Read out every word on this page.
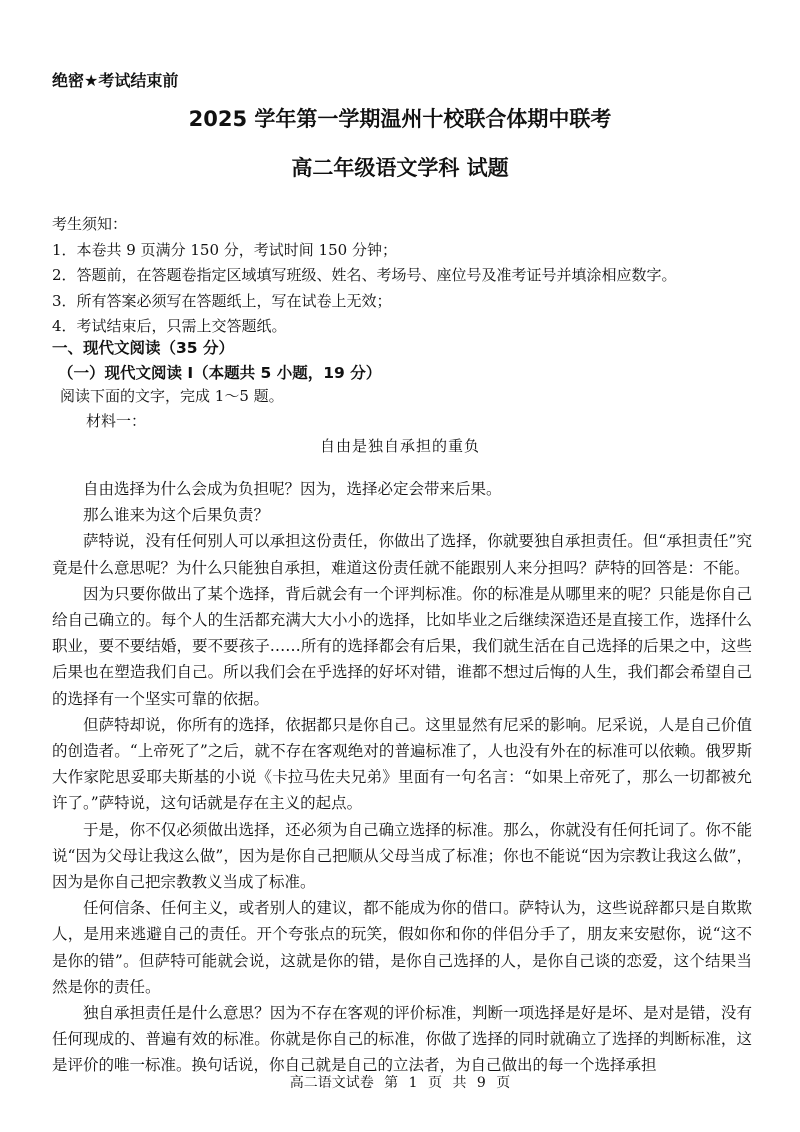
绝密★考试结束前
2025 学年第一学期温州十校联合体期中联考
高二年级语文学科 试题
考生须知：
1．本卷共 9 页满分 150 分，考试时间 150 分钟；
2．答题前，在答题卷指定区域填写班级、姓名、考场号、座位号及准考证号并填涂相应数字。
3．所有答案必须写在答题纸上，写在试卷上无效；
4．考试结束后，只需上交答题纸。
一、现代文阅读（35 分）
（一）现代文阅读 I（本题共 5 小题，19 分）
阅读下面的文字，完成 1～5 题。
材料一：
自由是独自承担的重负

自由选择为什么会成为负担呢？因为，选择必定会带来后果。

那么谁来为这个后果负责？

萨特说，没有任何别人可以承担这份责任，你做出了选择，你就要独自承担责任。但“承担责任”究竟是什么意思呢？为什么只能独自承担，难道这份责任就不能跟别人来分担吗？萨特的回答是：不能。

因为只要你做出了某个选择，背后就会有一个评判标准。你的标准是从哪里来的呢？只能是你自己给自己确立的。每个人的生活都充满大大小小的选择，比如毕业之后继续深造还是直接工作，选择什么职业，要不要结婚，要不要孩子……所有的选择都会有后果，我们就生活在自己选择的后果之中，这些后果也在塑造我们自己。所以我们会在乎选择的好坏对错，谁都不想过后悔的人生，我们都会希望自己的选择有一个坚实可靠的依据。

但萨特却说，你所有的选择，依据都只是你自己。这里显然有尼采的影响。尼采说，人是自己价值的创造者。“上帝死了”之后，就不存在客观绝对的普遍标准了，人也没有外在的标准可以依赖。俄罗斯大作家陀思妥耶夫斯基的小说《卡拉马佐夫兄弟》里面有一句名言：“如果上帝死了，那么一切都被允许了。”萨特说，这句话就是存在主义的起点。

于是，你不仅必须做出选择，还必须为自己确立选择的标准。那么，你就没有任何托词了。你不能说“因为父母让我这么做”，因为是你自己把顺从父母当成了标准；你也不能说“因为宗教让我这么做”，因为是你自己把宗教教义当成了标准。

任何信条、任何主义，或者别人的建议，都不能成为你的借口。萨特认为，这些说辞都只是自欺欺人，是用来逃避自己的责任。开个夸张点的玩笑，假如你和你的伴侣分手了，朋友来安慰你，说“这不是你的错”。但萨特可能就会说，这就是你的错，是你自己选择的人，是你自己谈的恋爱，这个结果当然是你的责任。

独自承担责任是什么意思？因为不存在客观的评价标准，判断一项选择是好是坏、是对是错，没有任何现成的、普遍有效的标准。你就是你自己的标准，你做了选择的同时就确立了选择的判断标准，这是评价的唯一标准。换句话说，你自己就是自己的立法者，为自己做出的每一个选择承担

高二语文试卷 第 1 页 共 9 页
